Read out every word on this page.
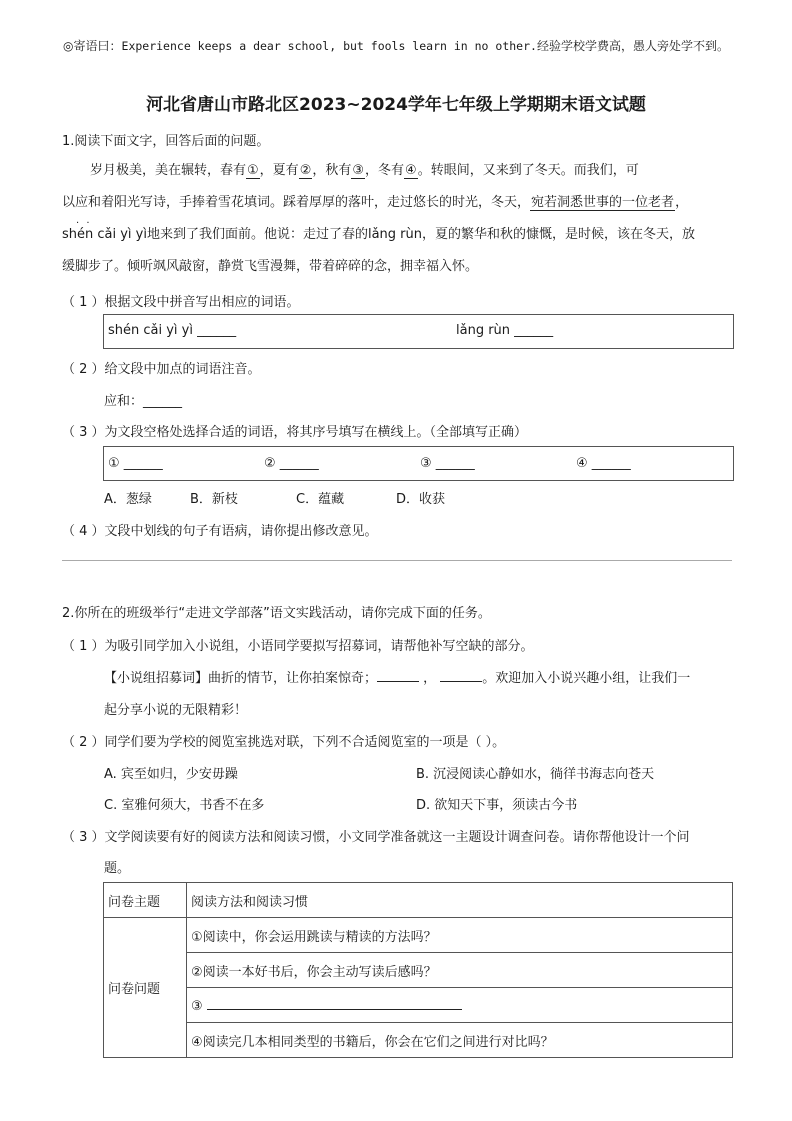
◎寄语曰：Experience keeps a dear school, but fools learn in no other.经验学校学费高，愚人旁处学不到。
河北省唐山市路北区2023~2024学年七年级上学期期末语文试题
1.阅读下面文字，回答后面的问题。
岁月极美，美在辗转，春有①，夏有②，秋有③，冬有④。转眼间，又来到了冬天。而我们，可
以应和 · ·着阳光写诗，手捧着雪花填词。踩着厚厚的落叶，走过悠长的时光，冬天，宛若洞悉世事的一位老者，
shén cǎi yì yì地来到了我们面前。他说：走过了春的lǎng rùn，夏的繁华和秋的慷慨，是时候，该在冬天，放
缓脚步了。倾听飒风敲窗，静赏飞雪漫舞，带着碎碎的念，拥幸福入怀。
（ 1 ）根据文段中拼音写出相应的词语。
shén cǎi yì yì ______	lǎng rùn ______
（ 2 ）给文段中加点的词语注音。
应和：______
（ 3 ）为文段空格处选择合适的词语，将其序号填写在横线上。（全部填写正确）
① ______	② ______	③ ______	④ ______
A．葱绿	B．新枝	C．蕴藏	D．收获
（ 4 ）文段中划线的句子有语病，请你提出修改意见。
2.你所在的班级举行“走进文学部落”语文实践活动，请你完成下面的任务。
（ 1 ）为吸引同学加入小说组，小语同学要拟写招募词，请帮他补写空缺的部分。
【小说组招募词】曲折的情节，让你拍案惊奇；	，	。欢迎加入小说兴趣小组，让我们一
起分享小说的无限精彩！
（ 2 ）同学们要为学校的阅览室挑选对联，下列不合适阅览室的一项是（ ）。
A. 宾至如归，少安毋躁	B. 沉浸阅读心静如水，徜徉书海志向苍天
C. 室雅何须大，书香不在多	D. 欲知天下事，须读古今书
（ 3 ）文学阅读要有好的阅读方法和阅读习惯，小文同学准备就这一主题设计调查问卷。请你帮他设计一个问
题。
问卷主题	阅读方法和阅读习惯
问卷问题	①阅读中，你会运用跳读与精读的方法吗？
	②阅读一本好书后，你会主动写读后感吗？
	③
	④阅读完几本相同类型的书籍后，你会在它们之间进行对比吗？
